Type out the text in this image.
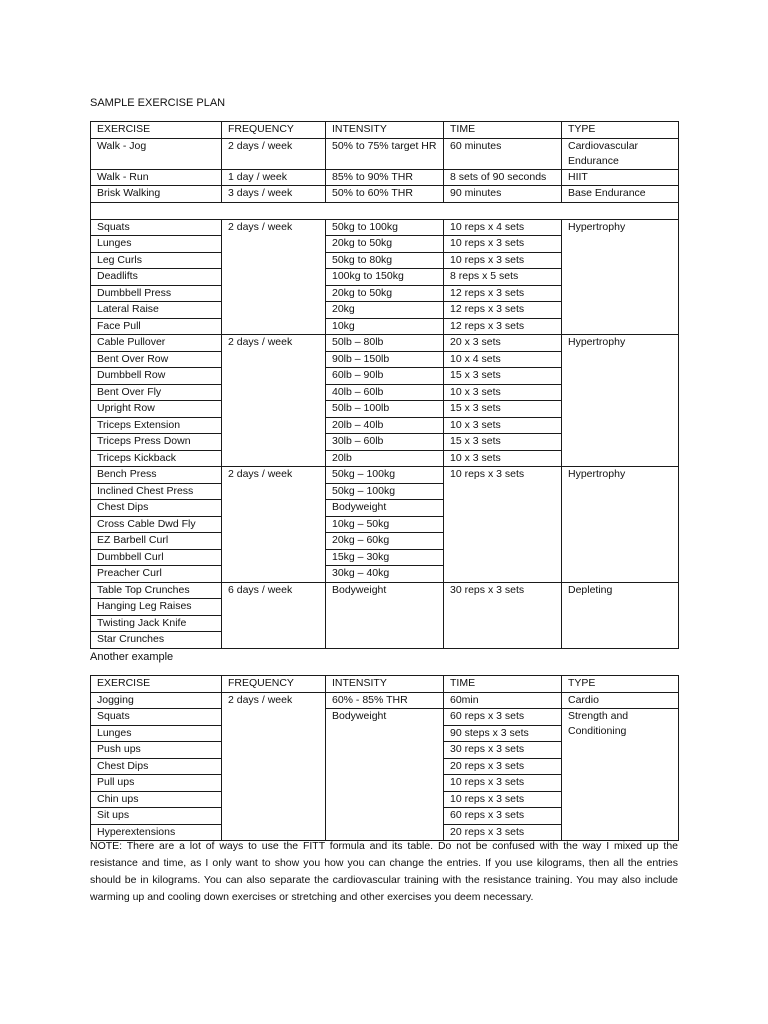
SAMPLE EXERCISE PLAN
EXERCISE	FREQUENCY	INTENSITY	TIME	TYPE
Walk - Jog	2 days / week	50% to 75% target HR	60 minutes	Cardiovascular Endurance
Walk - Run	1 day / week	85% to 90% THR	8 sets of 90 seconds	HIIT
Brisk Walking	3 days / week	50% to 60% THR	90 minutes	Base Endurance

Squats	2 days / week	50kg to 100kg	10 reps x 4 sets	Hypertrophy
Lunges		20kg to 50kg	10 reps x 3 sets	
Leg Curls		50kg to 80kg	10 reps x 3 sets	
Deadlifts		100kg to 150kg	8 reps x 5 sets	
Dumbbell Press		20kg to 50kg	12 reps x 3 sets	
Lateral Raise		20kg	12 reps x 3 sets	
Face Pull		10kg	12 reps x 3 sets	
Cable Pullover	2 days / week	50lb – 80lb	20 x 3 sets	Hypertrophy
Bent Over Row		90lb – 150lb	10 x 4 sets	
Dumbbell Row		60lb – 90lb	15 x 3 sets	
Bent Over Fly		40lb – 60lb	10 x 3 sets	
Upright Row		50lb – 100lb	15 x 3 sets	
Triceps Extension		20lb – 40lb	10 x 3 sets	
Triceps Press Down		30lb – 60lb	15 x 3 sets	
Triceps Kickback		20lb	10 x 3 sets	
Bench Press	2 days / week	50kg – 100kg	10 reps x 3 sets	Hypertrophy
Inclined Chest Press		50kg – 100kg		
Chest Dips		Bodyweight		
Cross Cable Dwd Fly		10kg – 50kg		
EZ Barbell Curl		20kg – 60kg		
Dumbbell Curl		15kg – 30kg		
Preacher Curl		30kg – 40kg		
Table Top Crunches	6 days / week	Bodyweight	30 reps x 3 sets	Depleting
Hanging Leg Raises				
Twisting Jack Knife				
Star Crunches				
Another example
EXERCISE	FREQUENCY	INTENSITY	TIME	TYPE
Jogging	2 days / week	60% - 85% THR	60min	Cardio
Squats		Bodyweight	60 reps x 3 sets	Strength and Conditioning
Lunges			90 steps x 3 sets	
Push ups			30 reps x 3 sets	
Chest Dips			20 reps x 3 sets	
Pull ups			10 reps x 3 sets	
Chin ups			10 reps x 3 sets	
Sit ups			60 reps x 3 sets	
Hyperextensions			20 reps x 3 sets	
NOTE: There are a lot of ways to use the FITT formula and its table. Do not be confused with the way I mixed up the resistance and time, as I only want to show you how you can change the entries. If you use kilograms, then all the entries should be in kilograms. You can also separate the cardiovascular training with the resistance training. You may also include warming up and cooling down exercises or stretching and other exercises you deem necessary.
